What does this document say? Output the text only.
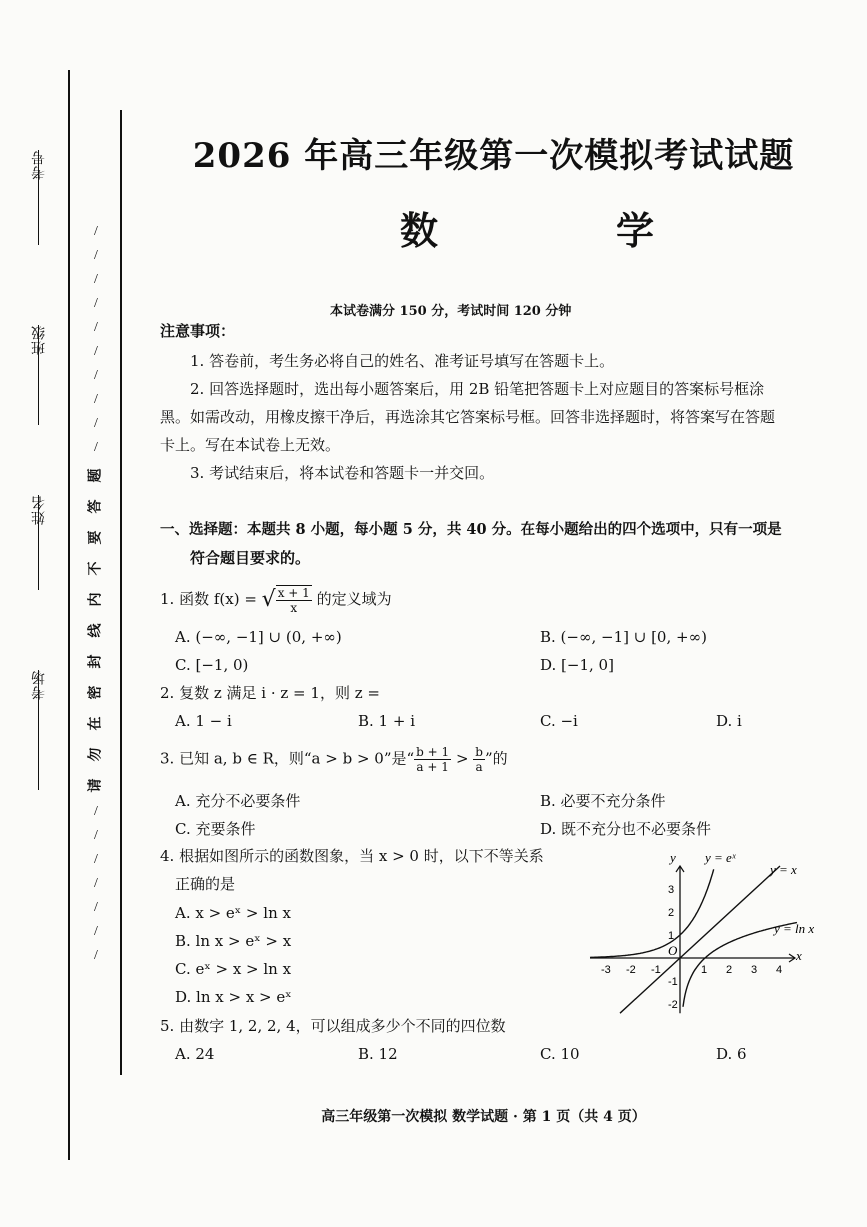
考号
班级
姓名
考场
/
/
/
/
/
/
/
/
/
/
题
答
要
不
内
线
封
密
在
勿
请
/
/
/
/
/
/
/
2026 年高三年级第一次模拟考试试题
数　学
本试卷满分 150 分，考试时间 120 分钟
注意事项：
1. 答卷前，考生务必将自己的姓名、准考证号填写在答题卡上。
2. 回答选择题时，选出每小题答案后，用 2B 铅笔把答题卡上对应题目的答案标号框涂
黑。如需改动，用橡皮擦干净后，再选涂其它答案标号框。回答非选择题时，将答案写在答题
卡上。写在本试卷上无效。
3. 考试结束后，将本试卷和答题卡一并交回。
一、选择题：本题共 8 小题，每小题 5 分，共 40 分。在每小题给出的四个选项中，只有一项是
符合题目要求的。
1. 函数 f(x) = √ $\frac{x + 1}{x}$ 的定义域为
A. (−∞, −1] ∪ (0, +∞)	B. (−∞, −1] ∪ [0, +∞)
C. [−1, 0)	D. [−1, 0]
2. 复数 z 满足 i · z = 1，则 z =
A. 1 − i	B. 1 + i	C. −i	D. i
3. 已知 a, b ∈ R，则“a > b > 0”是“ $\frac{b + 1}{a + 1} > \frac{b}{a}$ ”的
A. 充分不必要条件	B. 必要不充分条件
C. 充要条件	D. 既不充分也不必要条件
4. 根据如图所示的函数图象，当 x > 0 时，以下不等关系
正确的是
A. x > eˣ > ln x
B. ln x > eˣ > x
C. eˣ > x > ln x
D. ln x > x > eˣ
y = eˣ
y = x
y = ln x
y
x
O
-3 -2 -1	1 2 3 4
3
2
1
-1
-2
5. 由数字 1, 2, 2, 4，可以组成多少个不同的四位数
A. 24	B. 12	C. 10	D. 6
高三年级第一次模拟 数学试题 · 第 1 页（共 4 页）
